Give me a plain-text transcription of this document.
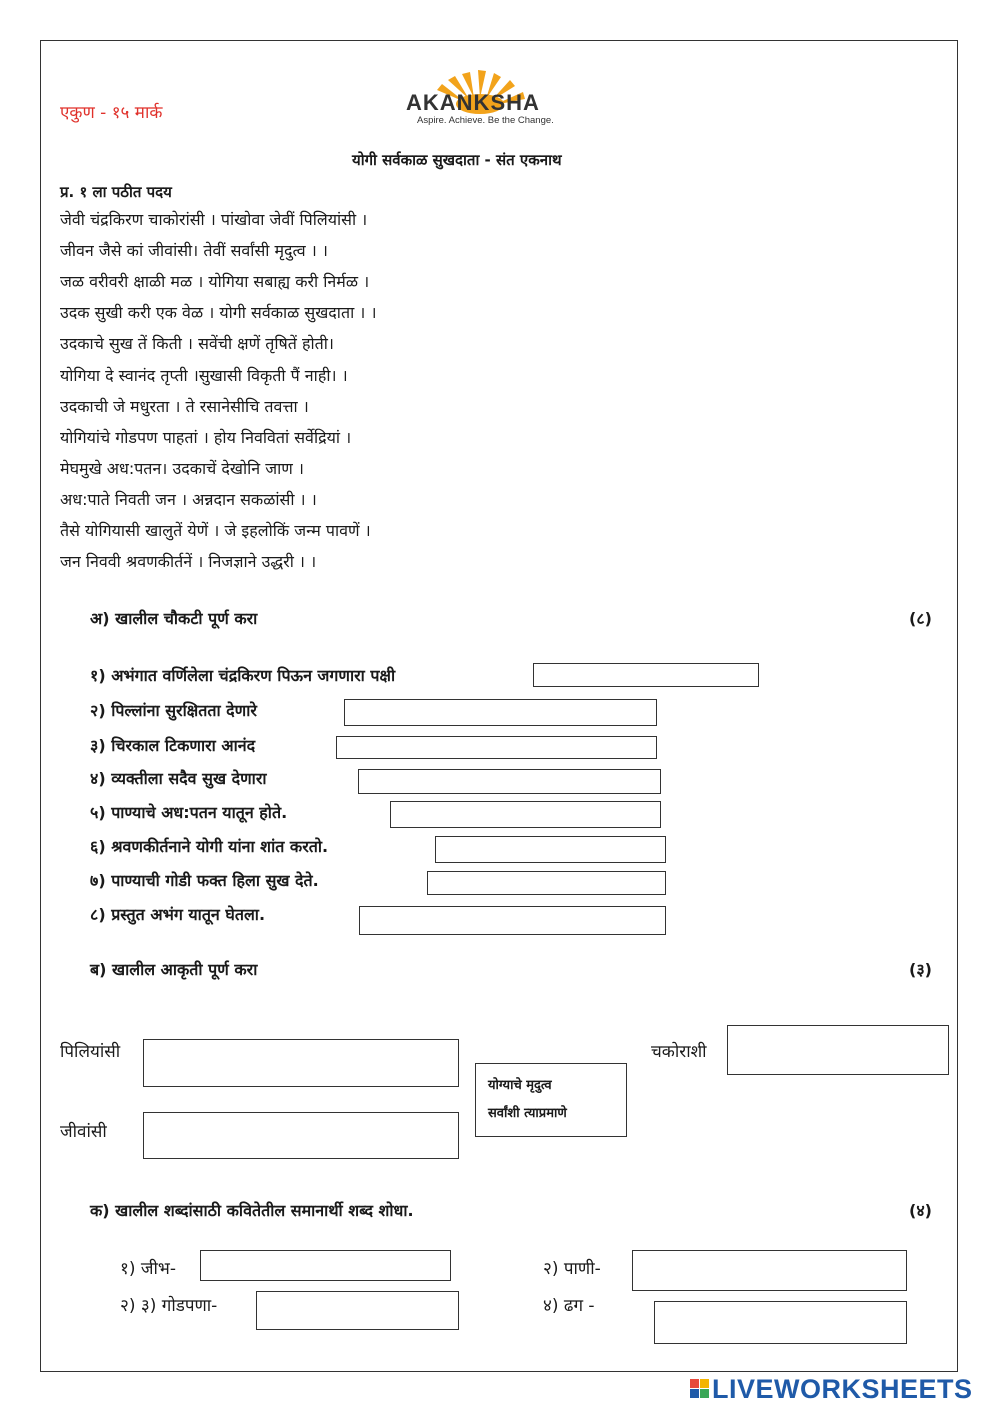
एकुण - १५ मार्क	AKANKSHA
Aspire. Achieve. Be the Change.
योगी सर्वकाळ सुखदाता - संत एकनाथ
प्र. १ ला पठीत पदय
जेवी चंद्रकिरण चाकोरांसी । पांखोवा जेवीं पिलियांसी ।
जीवन जैसे कां जीवांसी। तेवीं सर्वांसी मृदुत्व । ।
जळ वरीवरी क्षाळी मळ । योगिया सबाह्य करी निर्मळ ।
उदक सुखी करी एक वेळ । योगी सर्वकाळ सुखदाता । ।
उदकाचे सुख तें किती । सवेंची क्षणें तृषितें होती।
योगिया दे स्वानंद तृप्ती ।सुखासी विकृती पैं नाही। ।
उदकाची जे मधुरता । ते रसानेसीचि तवत्ता ।
योगियांचे गोडपण पाहतां । होय निववितां सर्वेद्रियां ।
मेघमुखे अध:पतन। उदकाचें देखोनि जाण ।
अध:पाते निवती जन । अन्नदान सकळांसी । ।
तैसे योगियासी खालुतें येणें । जे इहलोकिं जन्म पावणें ।
जन निववी श्रवणकीर्तनें । निजज्ञाने उद्धरी । ।
अ) खालील चौकटी पूर्ण करा	(८)
१) अभंगात वर्णिलेला चंद्रकिरण पिऊन जगणारा पक्षी
२) पिल्लांना सुरक्षितता देणारे
३) चिरकाल टिकणारा आनंद
४) व्यक्तीला सदैव सुख देणारा
५) पाण्याचे अध:पतन यातून होते.
६) श्रवणकीर्तनाने योगी यांना शांत करतो.
७) पाण्याची गोडी फक्त हिला सुख देते.
८) प्रस्तुत अभंग यातून घेतला.
ब) खालील आकृती पूर्ण करा	(३)
पिलियांसी
जीवांसी
चकोराशी
योग्याचे मृदुत्व
सर्वांशी त्याप्रमाणे
क) खालील शब्दांसाठी कवितेतील समानार्थी शब्द शोधा.	(४)
१) जीभ-	२) पाणी-
२) ३) गोडपणा-	४) ढग -
LIVEWORKSHEETS
